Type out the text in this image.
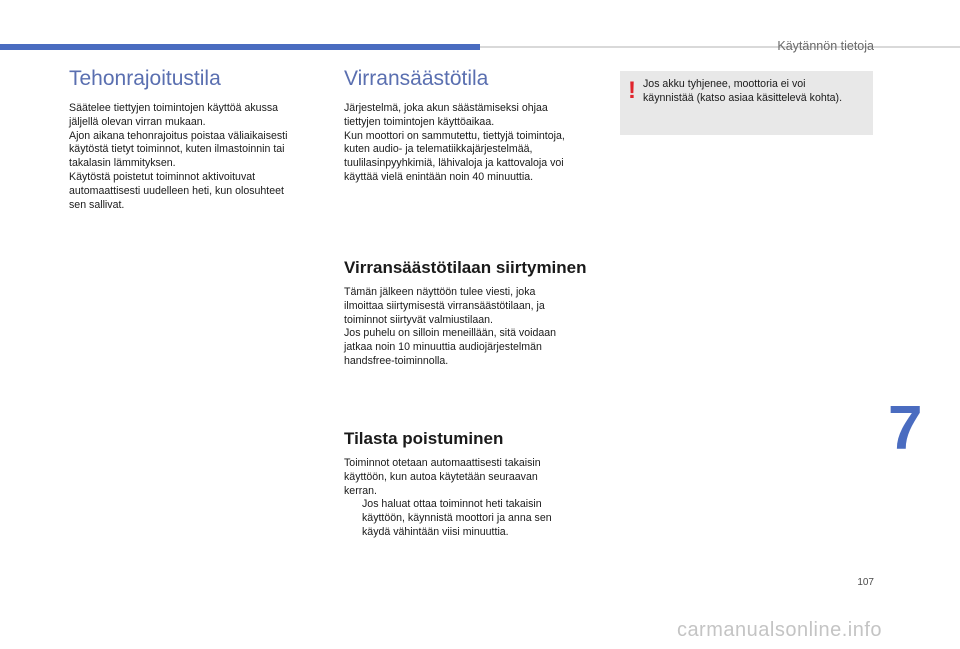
Käytännön tietoja
Tehonrajoitustila

Säätelee tiettyjen toimintojen käyttöä akussa
jäljellä olevan virran mukaan.
Ajon aikana tehonrajoitus poistaa väliaikaisesti
käytöstä tietyt toiminnot, kuten ilmastoinnin tai
takalasin lämmityksen.
Käytöstä poistetut toiminnot aktivoituvat
automaattisesti uudelleen heti, kun olosuhteet
sen sallivat.

Virransäästötila

Järjestelmä, joka akun säästämiseksi ohjaa
tiettyjen toimintojen käyttöaikaa.
Kun moottori on sammutettu, tiettyjä toimintoja,
kuten audio- ja telematiikkajärjestelmää,
tuulilasinpyyhkimiä, lähivaloja ja kattovaloja voi
käyttää vielä enintään noin 40 minuuttia.

Virransäästötilaan siirtyminen

Tämän jälkeen näyttöön tulee viesti, joka
ilmoittaa siirtymisestä virransäästötilaan, ja
toiminnot siirtyvät valmiustilaan.
Jos puhelu on silloin meneillään, sitä voidaan
jatkaa noin 10 minuuttia audiojärjestelmän
handsfree-toiminnolla.

Tilasta poistuminen

Toiminnot otetaan automaattisesti takaisin
käyttöön, kun autoa käytetään seuraavan
kerran.

Jos haluat ottaa toiminnot heti takaisin
käyttöön, käynnistä moottori ja anna sen
käydä vähintään viisi minuuttia.
! Jos akku tyhjenee, moottoria ei voi
käynnistää (katso asiaa käsittelevä kohta).
7
107
carmanualsonline.info
